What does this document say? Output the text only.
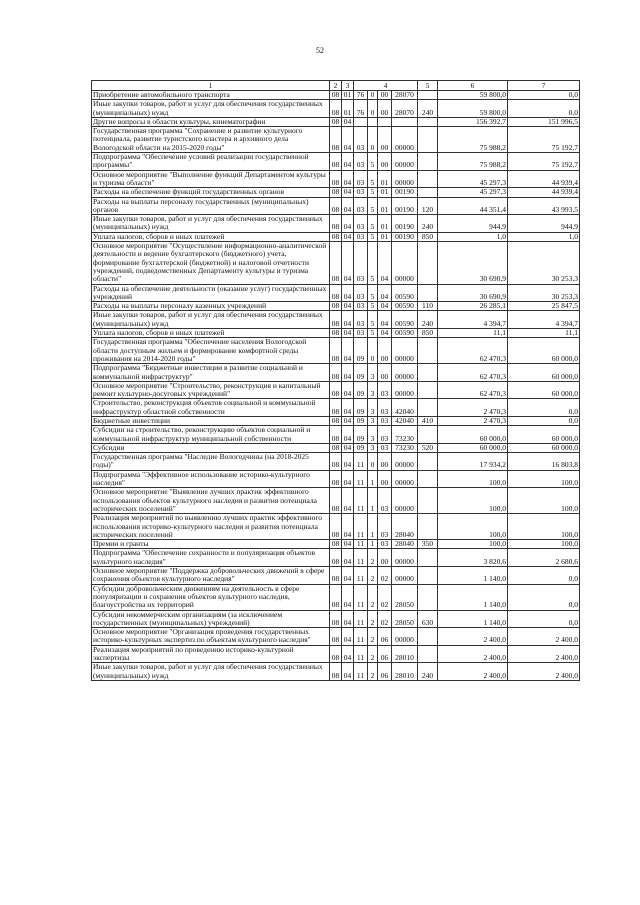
52
1	2	3	4				5	6	7
Приобретение автомобильного транспорта	08	01	76	0	00	28070		59 800,0	0,0
Иные закупки товаров, работ и услуг для обеспечения государственных (муниципальных) нужд	08	01	76	0	00	28070	240	59 800,0	0,0
Другие вопросы в области культуры, кинематографии	08	04						156 392,7	151 996,5
Государственная программа "Сохранение и развитие культурного потенциала, развитие туристского кластера и архивного дела Вологодской области на 2015-2020 годы"	08	04	03	0	00	00000		75 988,2	75 192,7
Подпрограмма "Обеспечение условий реализации государственной программы"	08	04	03	5	00	00000		75 988,2	75 192,7
Основное мероприятие "Выполнение функций Департаментом культуры и туризма области"	08	04	03	5	01	00000		45 297,3	44 939,4
Расходы на обеспечение функций государственных органов	08	04	03	5	01	00190		45 297,3	44 939,4
Расходы на выплаты персоналу государственных (муниципальных) органов	08	04	03	5	01	00190	120	44 351,4	43 993,5
Иные закупки товаров, работ и услуг для обеспечения государственных (муниципальных) нужд	08	04	03	5	01	00190	240	944,9	944,9
Уплата налогов, сборов и иных платежей	08	04	03	5	01	00190	850	1,0	1,0
Основное мероприятие "Осуществление информационно-аналитической деятельности и ведение бухгалтерского (бюджетного) учета, формирование бухгалтерской (бюджетной) и налоговой отчетности учреждений, подведомственных Департаменту культуры и туризма области"	08	04	03	5	04	00000		30 690,9	30 253,3
Расходы на обеспечение деятельности (оказание услуг) государственных учреждений	08	04	03	5	04	00590		30 690,9	30 253,3
Расходы на выплаты персоналу казенных учреждений	08	04	03	5	04	00590	110	26 285,1	25 847,5
Иные закупки товаров, работ и услуг для обеспечения государственных (муниципальных) нужд	08	04	03	5	04	00590	240	4 394,7	4 394,7
Уплата налогов, сборов и иных платежей	08	04	03	5	04	00590	850	11,1	11,1
Государственная программа "Обеспечение населения Вологодской области доступным жильем и формирование комфортной среды проживания на 2014-2020 годы"	08	04	09	0	00	00000		62 470,3	60 000,0
Подпрограмма "Бюджетные инвестиции в развитие социальной и коммунальной инфраструктур"	08	04	09	3	00	00000		62 470,3	60 000,0
Основное мероприятие "Строительство, реконструкция и капитальный ремонт культурно-досуговых учреждений"	08	04	09	3	03	00000		62 470,3	60 000,0
Строительство, реконструкция объектов социальной и коммунальной инфраструктур областной собственности	08	04	09	3	03	42040		2 470,3	0,0
Бюджетные инвестиции	08	04	09	3	03	42040	410	2 470,3	0,0
Субсидии на строительство, реконструкцию объектов социальной и коммунальной инфраструктур муниципальной собственности	08	04	09	3	03	73230		60 000,0	60 000,0
Субсидии	08	04	09	3	03	73230	520	60 000,0	60 000,0
Государственная программа "Наследие Вологодчины (на 2018-2025 годы)"	08	04	11	0	00	00000		17 934,2	16 803,8
Подпрограмма "Эффективное использование историко-культурного наследия"	08	04	11	1	00	00000		100,0	100,0
Основное мероприятие "Выявление лучших практик эффективного использования объектов культурного наследия и развития потенциала исторических поселений"	08	04	11	1	03	00000		100,0	100,0
Реализация мероприятий по выявлению лучших практик эффективного использования историко-культурного наследия и развития потенциала исторических поселений	08	04	11	1	03	28040		100,0	100,0
Премии и гранты	08	04	11	1	03	28040	350	100,0	100,0
Подпрограмма "Обеспечение сохранности и популяризация объектов культурного наследия"	08	04	11	2	00	00000		3 820,6	2 680,6
Основное мероприятие "Поддержка добровольческих движений в сфере сохранения объектов культурного наследия"	08	04	11	2	02	00000		1 140,0	0,0
Субсидии добровольческим движениям на деятельность в сфере популяризации и сохранения объектов культурного наследия, благоустройства их территорий	08	04	11	2	02	28050		1 140,0	0,0
Субсидии некоммерческим организациям (за исключением государственных (муниципальных) учреждений)	08	04	11	2	02	28050	630	1 140,0	0,0
Основное мероприятие "Организация проведения государственных историко-культурных экспертиз по объектам культурного наследия"	08	04	11	2	06	00000		2 400,0	2 400,0
Реализация мероприятий по проведению историко-культурной экспертизы	08	04	11	2	06	28010		2 400,0	2 400,0
Иные закупки товаров, работ и услуг для обеспечения государственных (муниципальных) нужд	08	04	11	2	06	28010	240	2 400,0	2 400,0
